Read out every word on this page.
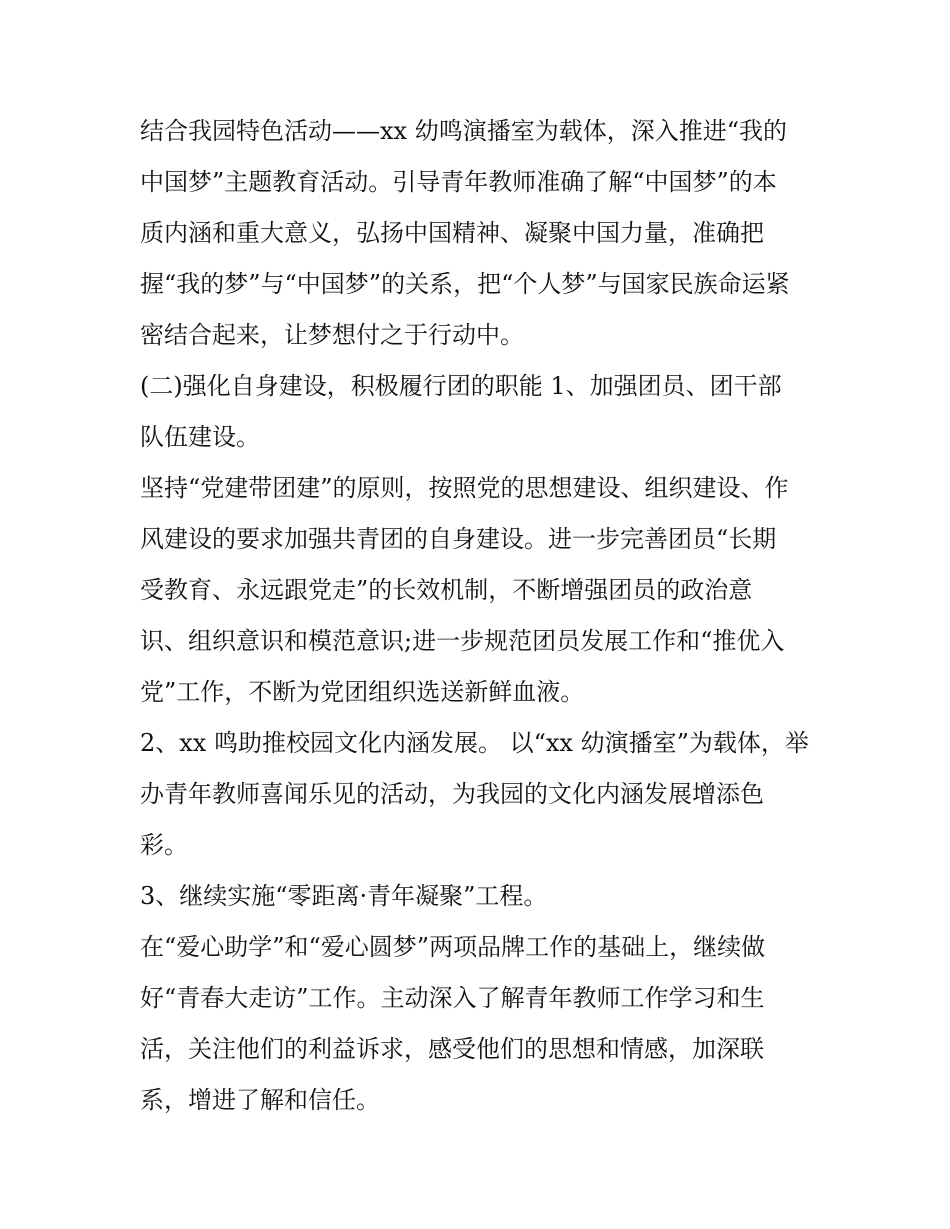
结合我园特色活动——xx 幼鸣演播室为载体，深入推进“我的
中国梦”主题教育活动。引导青年教师准确了解“中国梦”的本
质内涵和重大意义，弘扬中国精神、凝聚中国力量，准确把
握“我的梦”与“中国梦”的关系，把“个人梦”与国家民族命运紧
密结合起来，让梦想付之于行动中。
(二)强化自身建设，积极履行团的职能 1、加强团员、团干部
队伍建设。
坚持“党建带团建”的原则，按照党的思想建设、组织建设、作
风建设的要求加强共青团的自身建设。进一步完善团员“长期
受教育、永远跟党走”的长效机制，不断增强团员的政治意
识、组织意识和模范意识;进一步规范团员发展工作和“推优入
党”工作，不断为党团组织选送新鲜血液。
2、xx 鸣助推校园文化内涵发展。 以“xx 幼演播室”为载体，举
办青年教师喜闻乐见的活动，为我园的文化内涵发展增添色
彩。
3、继续实施“零距离·青年凝聚”工程。
在“爱心助学”和“爱心圆梦”两项品牌工作的基础上，继续做
好“青春大走访”工作。主动深入了解青年教师工作学习和生
活，关注他们的利益诉求，感受他们的思想和情感，加深联
系，增进了解和信任。
